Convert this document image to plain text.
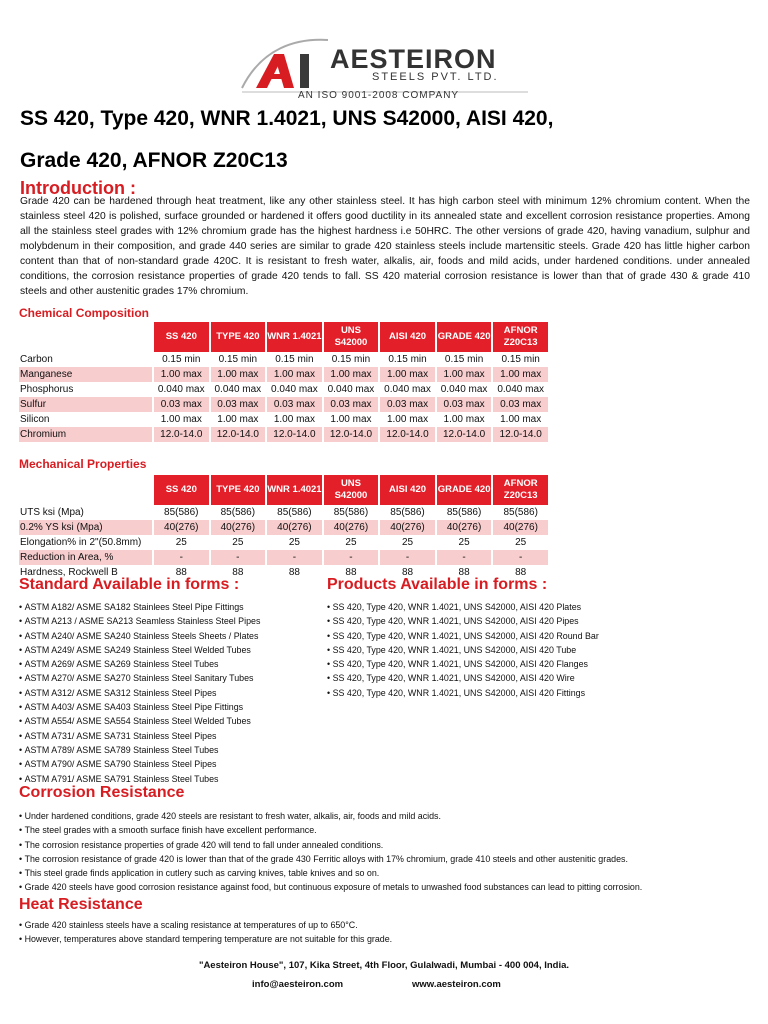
AESTEIRON
STEELS PVT. LTD.
AN ISO 9001-2008 COMPANY
SS 420, Type 420, WNR 1.4021, UNS S42000, AISI 420,
Grade 420, AFNOR Z20C13
Introduction :

Grade 420 can be hardened through heat treatment, like any other stainless steel. It has high carbon steel with minimum 12% chromium content. When the stainless steel 420 is polished, surface grounded or hardened it offers good ductility in its annealed state and excellent corrosion resistance properties. Among all the stainless steel grades with 12% chromium grade has the highest hardness i.e 50HRC. The other versions of grade 420, having vanadium, sulphur and molybdenum in their composition, and grade 440 series are similar to grade 420 stainless steels include martensitic steels. Grade 420 has little higher carbon content than that of non-standard grade 420C. It is resistant to fresh water, alkalis, air, foods and mild acids, under hardened conditions. under annealed conditions, the corrosion resistance properties of grade 420 tends to fall. SS 420 material corrosion resistance is lower than that of grade 430 & grade 410 steels and other austenitic grades 17% chromium.

Chemical Composition
	SS 420	TYPE 420	WNR 1.4021	UNS S42000	AISI 420	GRADE 420	AFNOR Z20C13
Carbon	0.15 min	0.15 min	0.15 min	0.15 min	0.15 min	0.15 min	0.15 min
Manganese	1.00 max	1.00 max	1.00 max	1.00 max	1.00 max	1.00 max	1.00 max
Phosphorus	0.040 max	0.040 max	0.040 max	0.040 max	0.040 max	0.040 max	0.040 max
Sulfur	0.03 max	0.03 max	0.03 max	0.03 max	0.03 max	0.03 max	0.03 max
Silicon	1.00 max	1.00 max	1.00 max	1.00 max	1.00 max	1.00 max	1.00 max
Chromium	12.0-14.0	12.0-14.0	12.0-14.0	12.0-14.0	12.0-14.0	12.0-14.0	12.0-14.0
Mechanical Properties
	SS 420	TYPE 420	WNR 1.4021	UNS S42000	AISI 420	GRADE 420	AFNOR Z20C13
UTS ksi (Mpa)	85(586)	85(586)	85(586)	85(586)	85(586)	85(586)	85(586)
0.2% YS ksi (Mpa)	40(276)	40(276)	40(276)	40(276)	40(276)	40(276)	40(276)
Elongation% in 2"(50.8mm)	25	25	25	25	25	25	25
Reduction in Area, %	-	-	-	-	-	-	-
Hardness, Rockwell B	88	88	88	88	88	88	88
Standard Available in forms :
• ASTM A182/ ASME SA182 Stainlees Steel Pipe Fittings
• ASTM A213 / ASME SA213 Seamless Stainless Steel Pipes
• ASTM A240/ ASME SA240 Stainless Steels Sheets / Plates
• ASTM A249/ ASME SA249 Stainless Steel Welded Tubes
• ASTM A269/ ASME SA269 Stainless Steel Tubes
• ASTM A270/ ASME SA270 Stainless Steel Sanitary Tubes
• ASTM A312/ ASME SA312 Stainless Steel Pipes
• ASTM A403/ ASME SA403 Stainless Steel Pipe Fittings
• ASTM A554/ ASME SA554 Stainless Steel Welded Tubes
• ASTM A731/ ASME SA731 Stainless Steel Pipes
• ASTM A789/ ASME SA789 Stainless Steel Tubes
• ASTM A790/ ASME SA790 Stainless Steel Pipes
• ASTM A791/ ASME SA791 Stainless Steel Tubes
Products Available in forms :
• SS 420, Type 420, WNR 1.4021, UNS S42000, AISI 420 Plates
• SS 420, Type 420, WNR 1.4021, UNS S42000, AISI 420 Pipes
• SS 420, Type 420, WNR 1.4021, UNS S42000, AISI 420 Round Bar
• SS 420, Type 420, WNR 1.4021, UNS S42000, AISI 420 Tube
• SS 420, Type 420, WNR 1.4021, UNS S42000, AISI 420 Flanges
• SS 420, Type 420, WNR 1.4021, UNS S42000, AISI 420 Wire
• SS 420, Type 420, WNR 1.4021, UNS S42000, AISI 420 Fittings
Corrosion Resistance
• Under hardened conditions, grade 420 steels are resistant to fresh water, alkalis, air, foods and mild acids.
• The steel grades with a smooth surface finish have excellent performance.
• The corrosion resistance properties of grade 420 will tend to fall under annealed conditions.
• The corrosion resistance of grade 420 is lower than that of the grade 430 Ferritic alloys with 17% chromium, grade 410 steels and other austenitic grades.
• This steel grade finds application in cutlery such as carving knives, table knives and so on.
• Grade 420 steels have good corrosion resistance against food, but continuous exposure of metals to unwashed food substances can lead to pitting corrosion.
Heat Resistance
• Grade 420 stainless steels have a scaling resistance at temperatures of up to 650°C.
• However, temperatures above standard tempering temperature are not suitable for this grade.
"Aesteiron House", 107, Kika Street, 4th Floor, Gulalwadi, Mumbai - 400 004, India.
info@aesteiron.com	www.aesteiron.com
